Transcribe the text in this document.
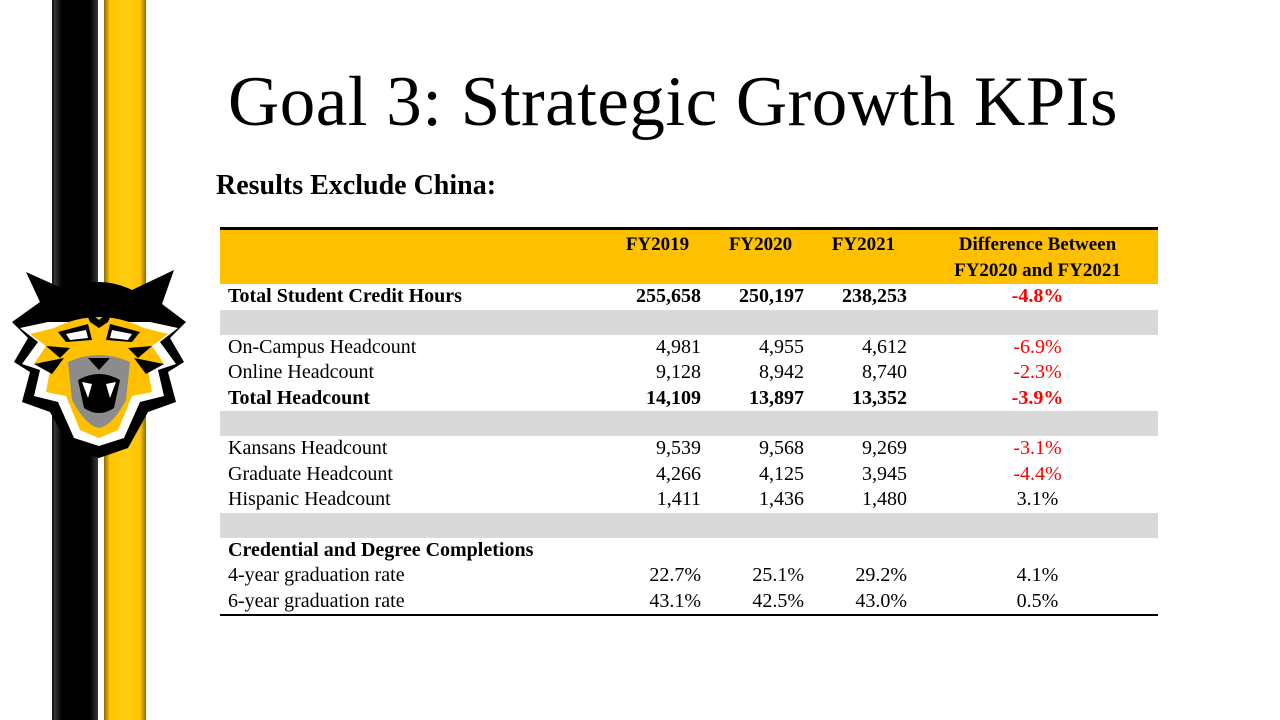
Goal 3: Strategic Growth KPIs
Results Exclude China:
	FY2019	FY2020	FY2021	Difference Between
FY2020 and FY2021
Total Student Credit Hours	255,658	250,197	238,253	-4.8%

On-Campus Headcount	4,981	4,955	4,612	-6.9%
Online Headcount	9,128	8,942	8,740	-2.3%
Total Headcount	14,109	13,897	13,352	-3.9%

Kansans Headcount	9,539	9,568	9,269	-3.1%
Graduate Headcount	4,266	4,125	3,945	-4.4%
Hispanic Headcount	1,411	1,436	1,480	3.1%

Credential and Degree Completions				
4-year graduation rate	22.7%	25.1%	29.2%	4.1%
6-year graduation rate	43.1%	42.5%	43.0%	0.5%
